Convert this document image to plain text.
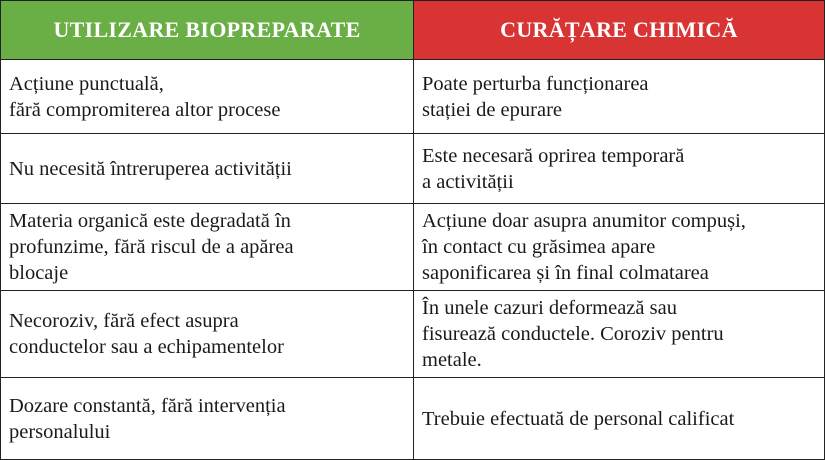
UTILIZARE BIOPREPARATE	CURĂȚARE CHIMICĂ

Acțiune punctuală,
fără compromiterea altor procese	Poate perturba funcționarea
stației de epurare

Nu necesită întreruperea activității	Este necesară oprirea temporară
a activității

Materia organică este degradată în
profunzime, fără riscul de a apărea
blocaje	Acțiune doar asupra anumitor compuși,
în contact cu grăsimea apare
saponificarea și în final colmatarea

Necoroziv, fără efect asupra
conductelor sau a echipamentelor	În unele cazuri deformează sau
fisurează conductele. Coroziv pentru
metale.

Dozare constantă, fără intervenția
personalului	Trebuie efectuată de personal calificat
